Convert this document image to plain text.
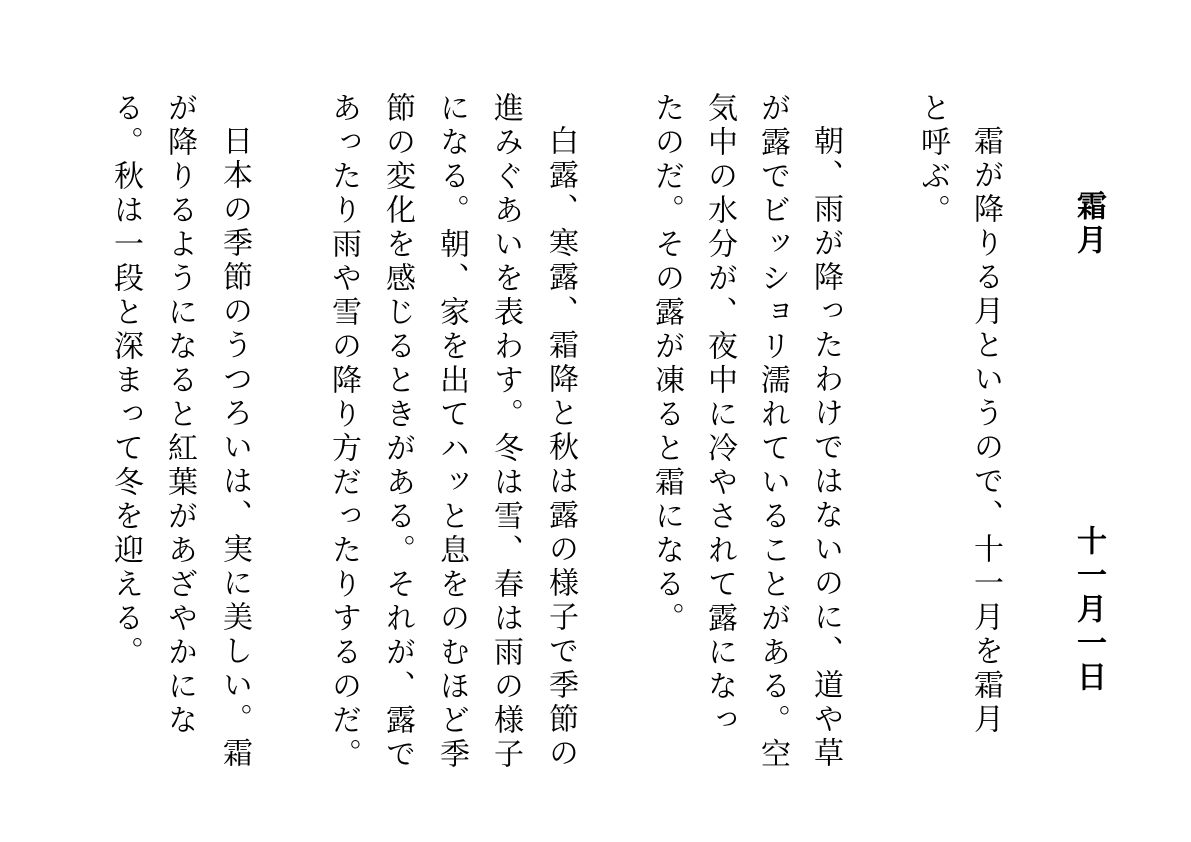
霜月
十一月一日
霜が降りる月というので、十一月を霜月
と呼ぶ。
朝、雨が降ったわけではないのに、道や草
が露でビッショリ濡れていることがある。空
気中の水分が、夜中に冷やされて露になっ
たのだ。その露が凍ると霜になる。
白露、寒露、霜降と秋は露の様子で季節の
進みぐあいを表わす。冬は雪、春は雨の様子
になる。朝、家を出てハッと息をのむほど季
節の変化を感じるときがある。それが、露で
あったり雨や雪の降り方だったりするのだ。
日本の季節のうつろいは、実に美しい。霜
が降りるようになると紅葉があざやかにな
る。秋は一段と深まって冬を迎える。
